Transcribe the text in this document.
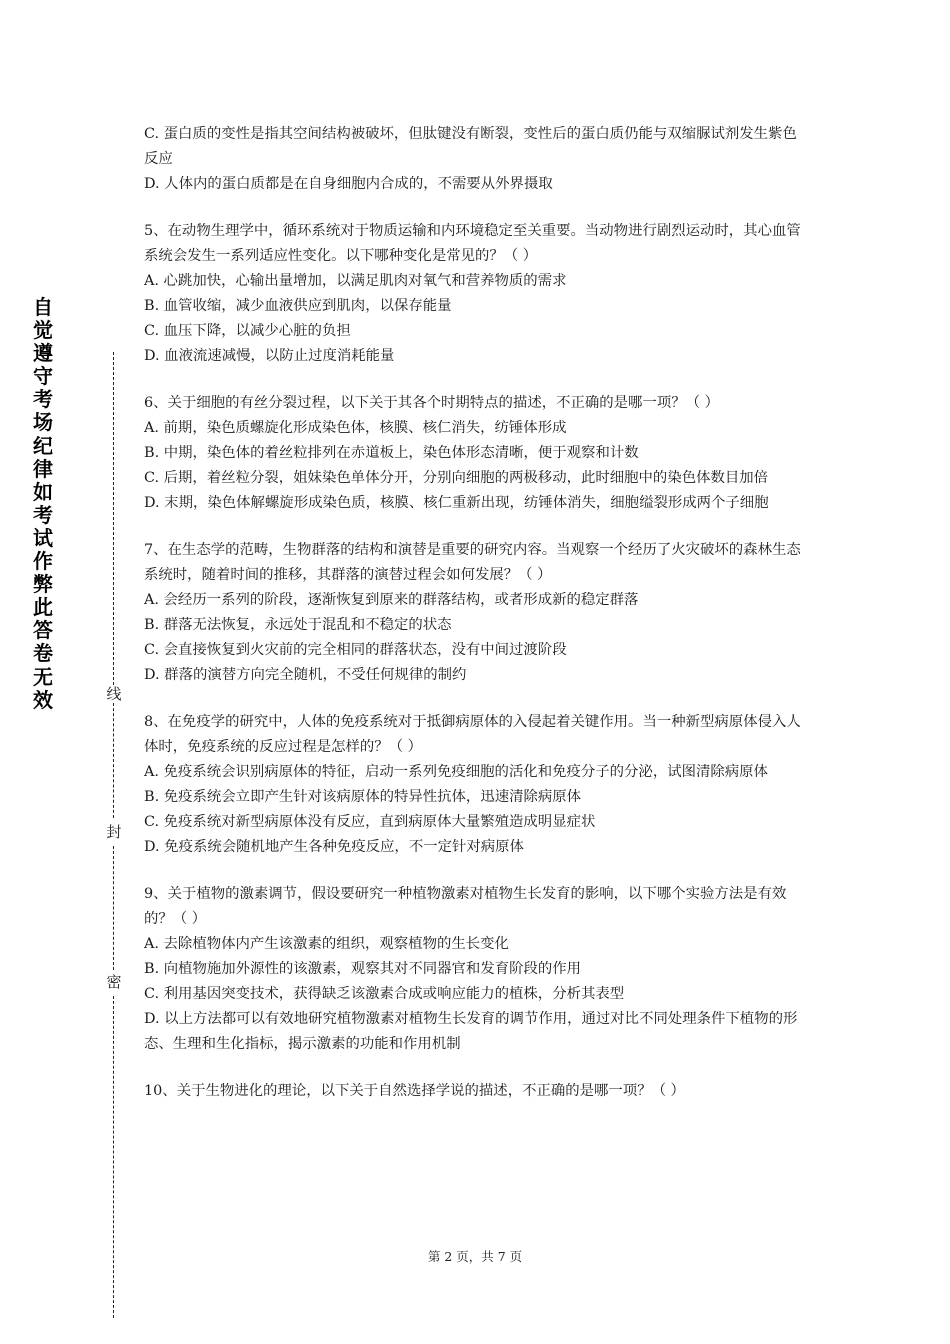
自觉遵守考场纪律如考试作弊此答卷无效	线
封
密

C. 蛋白质的变性是指其空间结构被破坏，但肽键没有断裂，变性后的蛋白质仍能与双缩脲试剂发生紫色反应

D. 人体内的蛋白质都是在自身细胞内合成的，不需要从外界摄取

5、在动物生理学中，循环系统对于物质运输和内环境稳定至关重要。当动物进行剧烈运动时，其心血管系统会发生一系列适应性变化。以下哪种变化是常见的？（ ）

A. 心跳加快，心输出量增加，以满足肌肉对氧气和营养物质的需求

B. 血管收缩，减少血液供应到肌肉，以保存能量

C. 血压下降，以减少心脏的负担

D. 血液流速减慢，以防止过度消耗能量

6、关于细胞的有丝分裂过程，以下关于其各个时期特点的描述，不正确的是哪一项？（ ）

A. 前期，染色质螺旋化形成染色体，核膜、核仁消失，纺锤体形成

B. 中期，染色体的着丝粒排列在赤道板上，染色体形态清晰，便于观察和计数

C. 后期，着丝粒分裂，姐妹染色单体分开，分别向细胞的两极移动，此时细胞中的染色体数目加倍

D. 末期，染色体解螺旋形成染色质，核膜、核仁重新出现，纺锤体消失，细胞缢裂形成两个子细胞

7、在生态学的范畴，生物群落的结构和演替是重要的研究内容。当观察一个经历了火灾破坏的森林生态系统时，随着时间的推移，其群落的演替过程会如何发展？（ ）

A. 会经历一系列的阶段，逐渐恢复到原来的群落结构，或者形成新的稳定群落

B. 群落无法恢复，永远处于混乱和不稳定的状态

C. 会直接恢复到火灾前的完全相同的群落状态，没有中间过渡阶段

D. 群落的演替方向完全随机，不受任何规律的制约

8、在免疫学的研究中，人体的免疫系统对于抵御病原体的入侵起着关键作用。当一种新型病原体侵入人体时，免疫系统的反应过程是怎样的？（ ）

A. 免疫系统会识别病原体的特征，启动一系列免疫细胞的活化和免疫分子的分泌，试图清除病原体

B. 免疫系统会立即产生针对该病原体的特异性抗体，迅速清除病原体

C. 免疫系统对新型病原体没有反应，直到病原体大量繁殖造成明显症状

D. 免疫系统会随机地产生各种免疫反应，不一定针对病原体

9、关于植物的激素调节，假设要研究一种植物激素对植物生长发育的影响，以下哪个实验方法是有效的？（ ）

A. 去除植物体内产生该激素的组织，观察植物的生长变化

B. 向植物施加外源性的该激素，观察其对不同器官和发育阶段的作用

C. 利用基因突变技术，获得缺乏该激素合成或响应能力的植株，分析其表型

D. 以上方法都可以有效地研究植物激素对植物生长发育的调节作用，通过对比不同处理条件下植物的形态、生理和生化指标，揭示激素的功能和作用机制

10、关于生物进化的理论，以下关于自然选择学说的描述，不正确的是哪一项？（ ）

第 2 页，共 7 页
